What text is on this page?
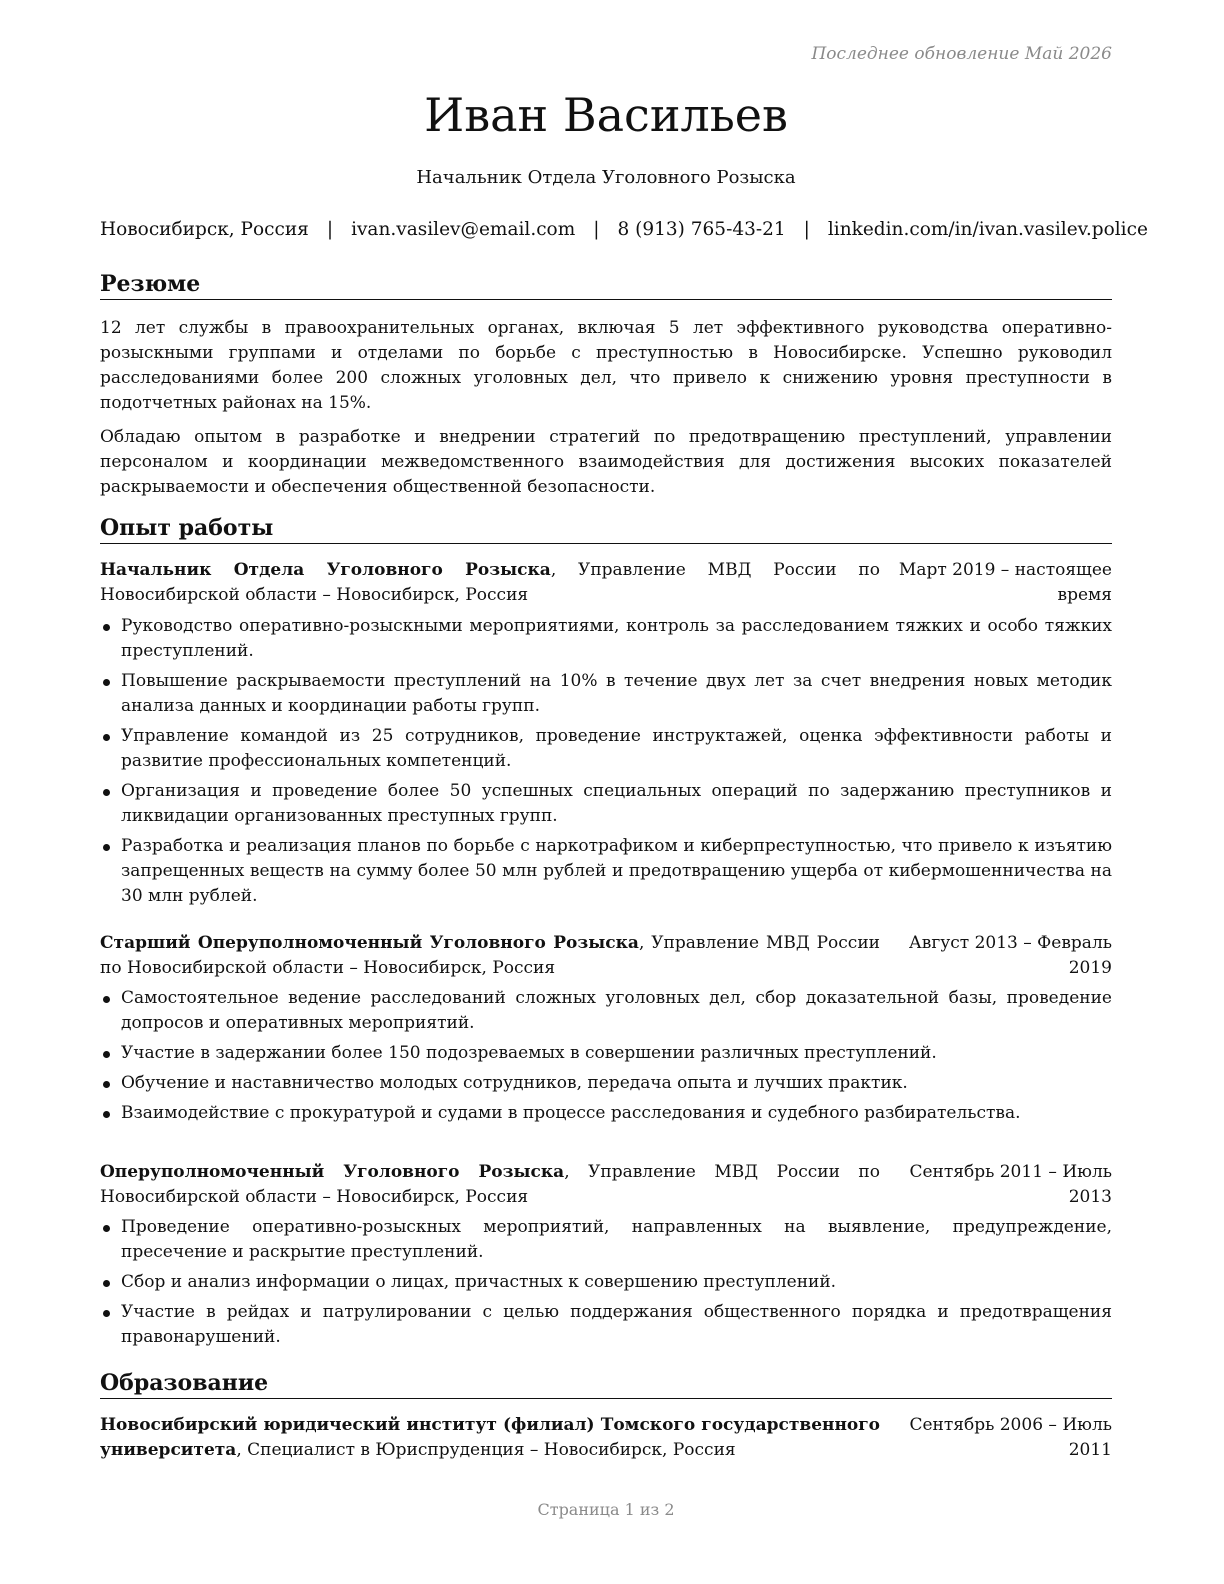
Последнее обновление Май 2026
Иван Васильев
Начальник Отдела Уголовного Розыска
Новосибирск, Россия | ivan.vasilev@email.com | 8 (913) 765-43-21 | linkedin.com/in/ivan.vasilev.police
Резюме

12 лет службы в правоохранительных органах, включая 5 лет эффективного руководства оперативно-розыскными группами и отделами по борьбе с преступностью в Новосибирске. Успешно руководил расследованиями более 200 сложных уголовных дел, что привело к снижению уровня преступности в подотчетных районах на 15%.

Обладаю опытом в разработке и внедрении стратегий по предотвращению преступлений, управлении персоналом и координации межведомственного взаимодействия для достижения высоких показателей раскрываемости и обеспечения общественной безопасности.

Опыт работы
Начальник Отдела Уголовного Розыска, Управление МВД России по Новосибирской области – Новосибирск, Россия
Март 2019 – настоящее время
Руководство оперативно-розыскными мероприятиями, контроль за расследованием тяжких и особо тяжких преступлений.
Повышение раскрываемости преступлений на 10% в течение двух лет за счет внедрения новых методик анализа данных и координации работы групп.
Управление командой из 25 сотрудников, проведение инструктажей, оценка эффективности работы и развитие профессиональных компетенций.
Организация и проведение более 50 успешных специальных операций по задержанию преступников и ликвидации организованных преступных групп.
Разработка и реализация планов по борьбе с наркотрафиком и киберпреступностью, что привело к изъятию запрещенных веществ на сумму более 50 млн рублей и предотвращению ущерба от кибермошенничества на 30 млн рублей.
Старший Оперуполномоченный Уголовного Розыска, Управление МВД России по Новосибирской области – Новосибирск, Россия
Август 2013 – Февраль 2019
Самостоятельное ведение расследований сложных уголовных дел, сбор доказательной базы, проведение допросов и оперативных мероприятий.
Участие в задержании более 150 подозреваемых в совершении различных преступлений.
Обучение и наставничество молодых сотрудников, передача опыта и лучших практик.
Взаимодействие с прокуратурой и судами в процессе расследования и судебного разбирательства.
Оперуполномоченный Уголовного Розыска, Управление МВД России по Новосибирской области – Новосибирск, Россия
Сентябрь 2011 – Июль 2013
Проведение оперативно-розыскных мероприятий, направленных на выявление, предупреждение, пресечение и раскрытие преступлений.
Сбор и анализ информации о лицах, причастных к совершению преступлений.
Участие в рейдах и патрулировании с целью поддержания общественного порядка и предотвращения правонарушений.
Образование
Новосибирский юридический институт (филиал) Томского государственного университета, Специалист в Юриспруденция – Новосибирск, Россия
Сентябрь 2006 – Июль 2011
Страница 1 из 2
